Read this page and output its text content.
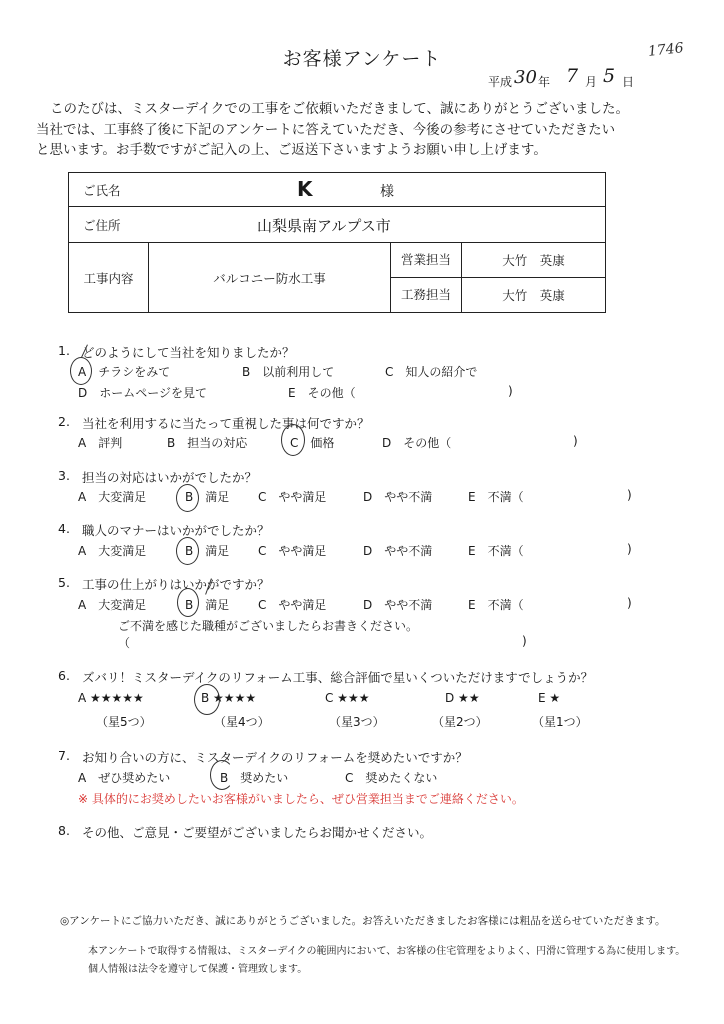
お客様アンケート	1746
平成 30 年 7 月 5 日
このたびは、ミスターデイクでの工事をご依頼いただきまして、誠にありがとうございました。
当社では、工事終了後に下記のアンケートに答えていただき、今後の参考にさせていただきたい
と思います。お手数ですがご記入の上、ご返送下さいますようお願い申し上げます。
ご氏名	K	様

ご住所	山梨県南アルプス市

工事内容	バルコニー防水工事	
営業担当	大竹　英康

工務担当	大竹　英康
1. どのようにして当社を知りましたか？
A　チラシをみて	B　以前利用して	C　知人の紹介で
D　ホームページを見て	E　その他（	)
2. 当社を利用するに当たって重視した事は何ですか？
A　評判	B　担当の対応	C　価格	D　その他（	)
3. 担当の対応はいかがでしたか？
A　大変満足	B　満足 C　やや満足	D　やや不満	E　不満（	)
4. 職人のマナーはいかがでしたか？
A　大変満足	B　満足 C　やや満足	D　やや不満	E　不満（	)
5. 工事の仕上がりはいかがですか？
A　大変満足	B　満足 C　やや満足	D　やや不満	E　不満（	)
ご不満を感じた職種がございましたらお書きください。
（	)
6. ズバリ！ミスターデイクのリフォーム工事、総合評価で星いくついただけますでしょうか？
A ★★★★★	B ★★★★	C ★★★	D ★★	E ★
（星5つ）	（星4つ）	（星3つ）	（星2つ）	（星1つ）
7. お知り合いの方に、ミスターデイクのリフォームを奨めたいですか？
A　ぜひ奨めたい	B　奨めたい	C　奨めたくない
※ 具体的にお奨めしたいお客様がいましたら、ぜひ営業担当までご連絡ください。
8. その他、ご意見・ご要望がございましたらお聞かせください。
◎アンケートにご協力いただき、誠にありがとうございました。お答えいただきましたお客様には粗品を送らせていただきます。
本アンケートで取得する情報は、ミスターデイクの範囲内において、お客様の住宅管理をよりよく、円滑に管理する為に使用します。
個人情報は法令を遵守して保護・管理致します。
